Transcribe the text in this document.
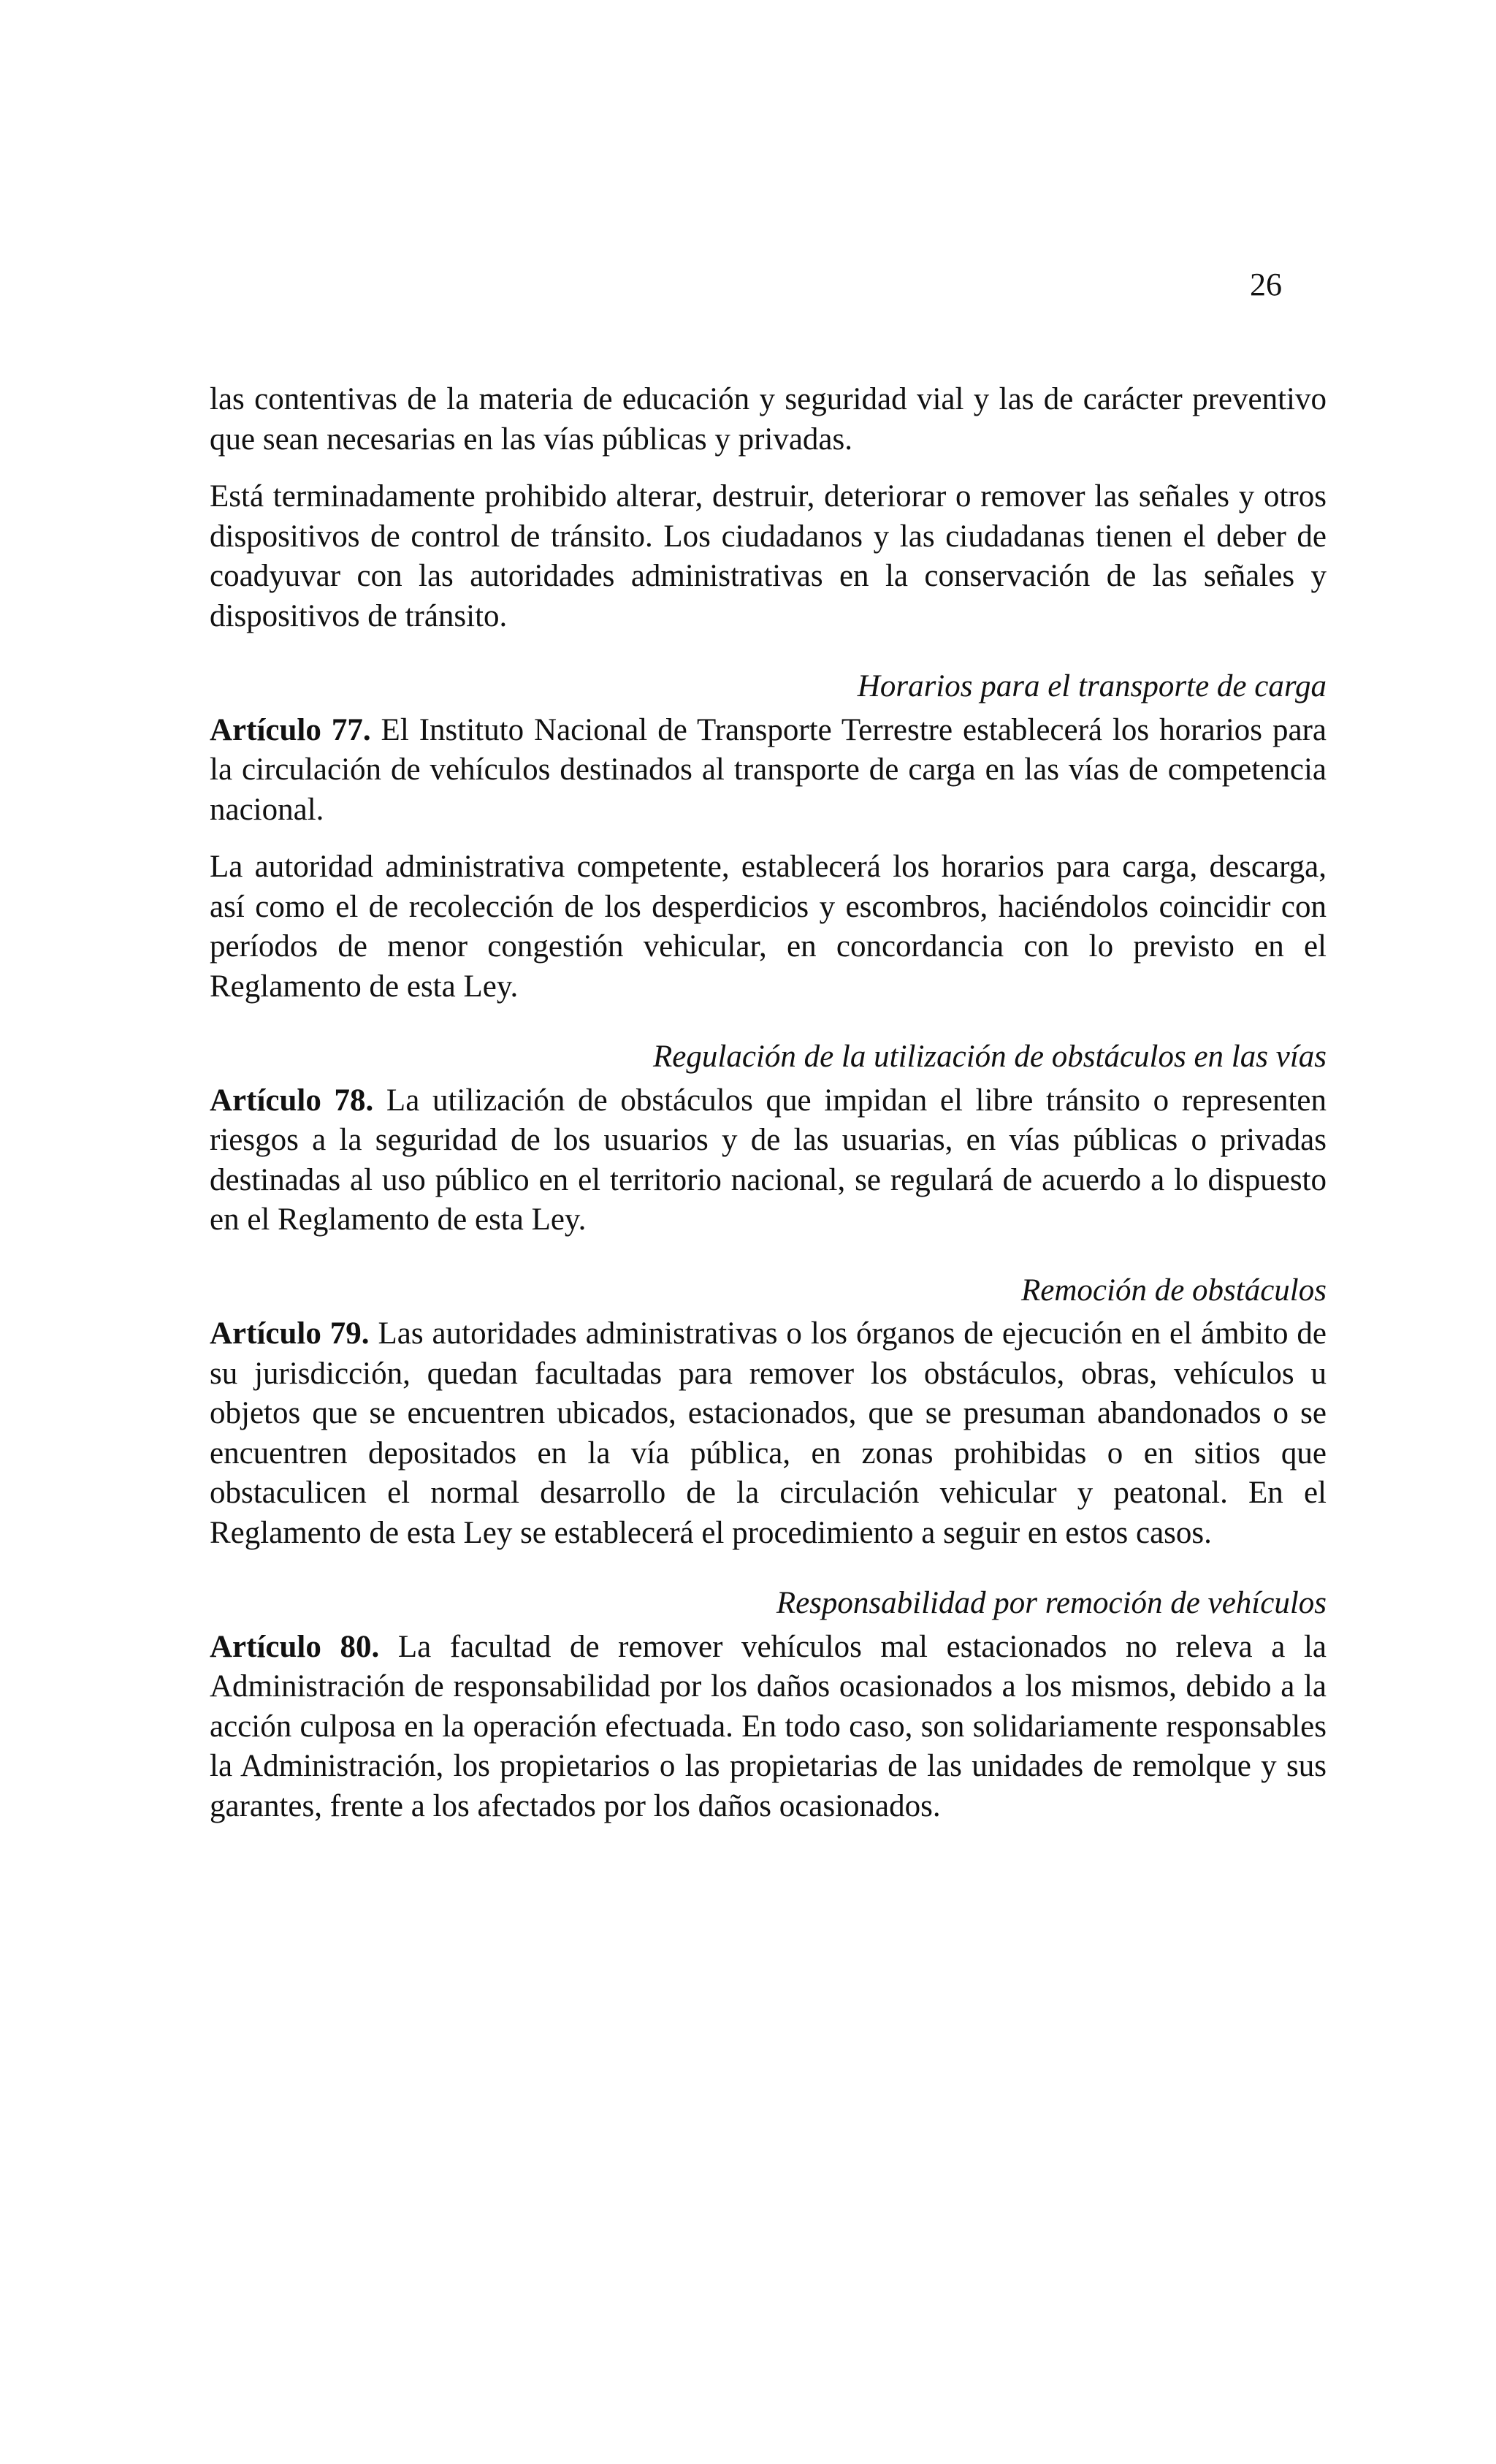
26

las contentivas de la materia de educación y seguridad vial y las de carácter preventivo que sean necesarias en las vías públicas y privadas.

Está terminadamente prohibido alterar, destruir, deteriorar o remover las señales y otros dispositivos de control de tránsito. Los ciudadanos y las ciudadanas tienen el deber de coadyuvar con las autoridades administrativas en la conservación de las señales y dispositivos de tránsito.

Horarios para el transporte de carga

Artículo 77. El Instituto Nacional de Transporte Terrestre establecerá los horarios para la circulación de vehículos destinados al transporte de carga en las vías de competencia nacional.

La autoridad administrativa competente, establecerá los horarios para carga, descarga, así como el de recolección de los desperdicios y escombros, haciéndolos coincidir con períodos de menor congestión vehicular, en concordancia con lo previsto en el Reglamento de esta Ley.

Regulación de la utilización de obstáculos en las vías

Artículo 78. La utilización de obstáculos que impidan el libre tránsito o representen riesgos a la seguridad de los usuarios y de las usuarias, en vías públicas o privadas destinadas al uso público en el territorio nacional, se regulará de acuerdo a lo dispuesto en el Reglamento de esta Ley.

Remoción de obstáculos

Artículo 79. Las autoridades administrativas o los órganos de ejecución en el ámbito de su jurisdicción, quedan facultadas para remover los obstáculos, obras, vehículos u objetos que se encuentren ubicados, estacionados, que se presuman abandonados o se encuentren depositados en la vía pública, en zonas prohibidas o en sitios que obstaculicen el normal desarrollo de la circulación vehicular y peatonal. En el Reglamento de esta Ley se establecerá el procedimiento a seguir en estos casos.

Responsabilidad por remoción de vehículos

Artículo 80. La facultad de remover vehículos mal estacionados no releva a la Administración de responsabilidad por los daños ocasionados a los mismos, debido a la acción culposa en la operación efectuada. En todo caso, son solidariamente responsables la Administración, los propietarios o las propietarias de las unidades de remolque y sus garantes, frente a los afectados por los daños ocasionados.
